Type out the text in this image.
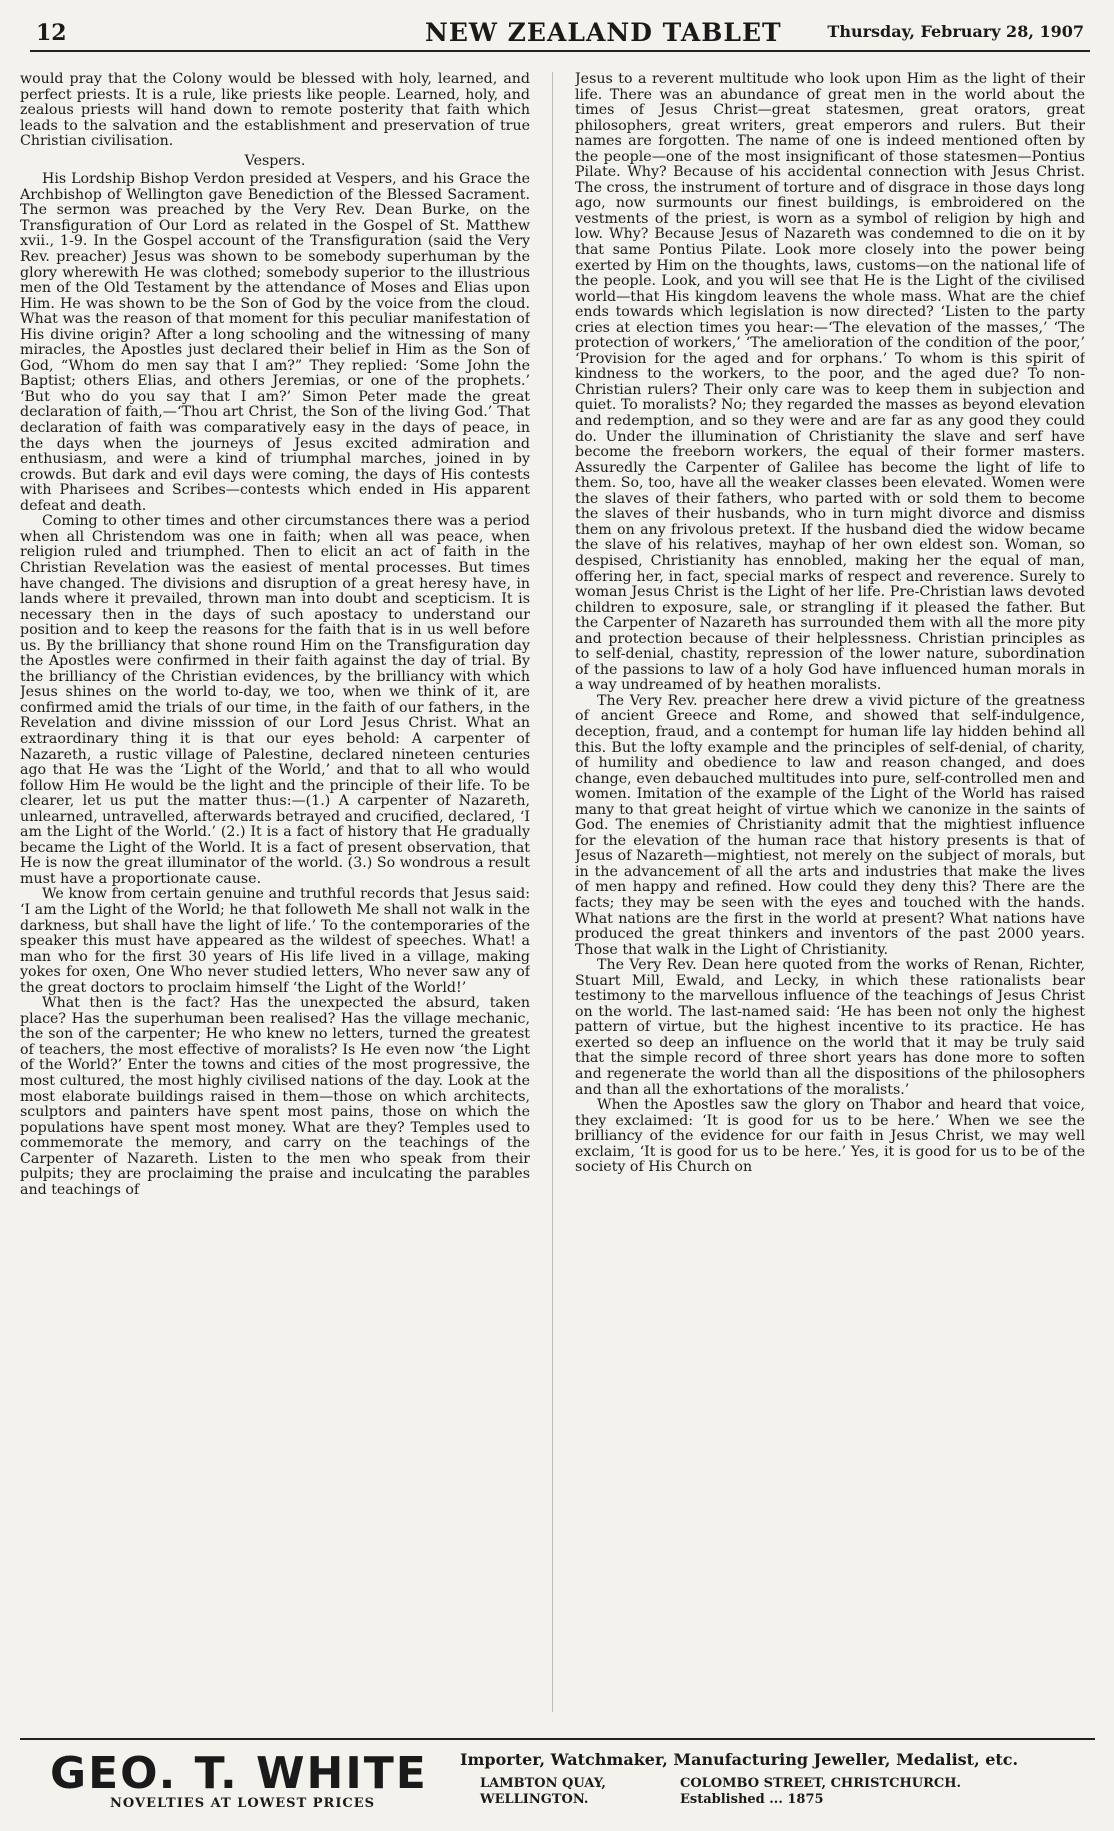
12	NEW ZEALAND TABLET	Thursday, February 28, 1907

would pray that the Colony would be blessed with holy, learned, and perfect priests. It is a rule, like priests like people. Learned, holy, and zealous priests will hand down to remote posterity that faith which leads to the salvation and the establishment and preservation of true Christian civilisation.

Vespers.

His Lordship Bishop Verdon presided at Vespers, and his Grace the Archbishop of Wellington gave Benediction of the Blessed Sacrament. The sermon was preached by the Very Rev. Dean Burke, on the Transfiguration of Our Lord as related in the Gospel of St. Matthew xvii., 1-9. In the Gospel account of the Transfiguration (said the Very Rev. preacher) Jesus was shown to be somebody superhuman by the glory wherewith He was clothed; somebody superior to the illustrious men of the Old Testament by the attendance of Moses and Elias upon Him. He was shown to be the Son of God by the voice from the cloud. What was the reason of that moment for this peculiar manifestation of His divine origin? After a long schooling and the witnessing of many miracles, the Apostles just declared their belief in Him as the Son of God, “Whom do men say that I am?” They replied: ‘Some John the Baptist; others Elias, and others Jeremias, or one of the prophets.’ ‘But who do you say that I am?’ Simon Peter made the great declaration of faith,—‘Thou art Christ, the Son of the living God.’ That declaration of faith was comparatively easy in the days of peace, in the days when the journeys of Jesus excited admiration and enthusiasm, and were a kind of triumphal marches, joined in by crowds. But dark and evil days were coming, the days of His contests with Pharisees and Scribes—contests which ended in His apparent defeat and death.

Coming to other times and other circumstances there was a period when all Christendom was one in faith; when all was peace, when religion ruled and triumphed. Then to elicit an act of faith in the Christian Revelation was the easiest of mental processes. But times have changed. The divisions and disruption of a great heresy have, in lands where it prevailed, thrown man into doubt and scepticism. It is necessary then in the days of such apostacy to understand our position and to keep the reasons for the faith that is in us well before us. By the brilliancy that shone round Him on the Transfiguration day the Apostles were confirmed in their faith against the day of trial. By the brilliancy of the Christian evidences, by the brilliancy with which Jesus shines on the world to-day, we too, when we think of it, are confirmed amid the trials of our time, in the faith of our fathers, in the Revelation and divine misssion of our Lord Jesus Christ. What an extraordinary thing it is that our eyes behold: A carpenter of Nazareth, a rustic village of Palestine, declared nineteen centuries ago that He was the ‘Light of the World,’ and that to all who would follow Him He would be the light and the principle of their life. To be clearer, let us put the matter thus:—(1.) A carpenter of Nazareth, unlearned, untravelled, afterwards betrayed and crucified, declared, ‘I am the Light of the World.’ (2.) It is a fact of history that He gradually became the Light of the World. It is a fact of present observation, that He is now the great illuminator of the world. (3.) So wondrous a result must have a proportionate cause.

We know from certain genuine and truthful records that Jesus said: ‘I am the Light of the World; he that followeth Me shall not walk in the darkness, but shall have the light of life.’ To the contemporaries of the speaker this must have appeared as the wildest of speeches. What! a man who for the first 30 years of His life lived in a village, making yokes for oxen, One Who never studied letters, Who never saw any of the great doctors to proclaim himself ‘the Light of the World!’

What then is the fact? Has the unexpected the absurd, taken place? Has the superhuman been realised? Has the village mechanic, the son of the carpenter; He who knew no letters, turned the greatest of teachers, the most effective of moralists? Is He even now ‘the Light of the World?’ Enter the towns and cities of the most progressive, the most cultured, the most highly civilised nations of the day. Look at the most elaborate buildings raised in them—those on which architects, sculptors and painters have spent most pains, those on which the populations have spent most money. What are they? Temples used to commemorate the memory, and carry on the teachings of the Carpenter of Nazareth. Listen to the men who speak from their pulpits; they are proclaiming the praise and inculcating the parables and teachings of

Jesus to a reverent multitude who look upon Him as the light of their life. There was an abundance of great men in the world about the times of Jesus Christ—great statesmen, great orators, great philosophers, great writers, great emperors and rulers. But their names are forgotten. The name of one is indeed mentioned often by the people—one of the most insignificant of those statesmen—Pontius Pilate. Why? Because of his accidental connection with Jesus Christ. The cross, the instrument of torture and of disgrace in those days long ago, now surmounts our finest buildings, is embroidered on the vestments of the priest, is worn as a symbol of religion by high and low. Why? Because Jesus of Nazareth was condemned to die on it by that same Pontius Pilate. Look more closely into the power being exerted by Him on the thoughts, laws, customs—on the national life of the people. Look, and you will see that He is the Light of the civilised world—that His kingdom leavens the whole mass. What are the chief ends towards which legislation is now directed? ‘Listen to the party cries at election times you hear:—‘The elevation of the masses,’ ‘The protection of workers,’ ‘The amelioration of the condition of the poor,’ ‘Provision for the aged and for orphans.’ To whom is this spirit of kindness to the workers, to the poor, and the aged due? To non-Christian rulers? Their only care was to keep them in subjection and quiet. To moralists? No; they regarded the masses as beyond elevation and redemption, and so they were and are far as any good they could do. Under the illumination of Christianity the slave and serf have become the freeborn workers, the equal of their former masters. Assuredly the Carpenter of Galilee has become the light of life to them. So, too, have all the weaker classes been elevated. Women were the slaves of their fathers, who parted with or sold them to become the slaves of their husbands, who in turn might divorce and dismiss them on any frivolous pretext. If the husband died the widow became the slave of his relatives, mayhap of her own eldest son. Woman, so despised, Christianity has ennobled, making her the equal of man, offering her, in fact, special marks of respect and reverence. Surely to woman Jesus Christ is the Light of her life. Pre-Christian laws devoted children to exposure, sale, or strangling if it pleased the father. But the Carpenter of Nazareth has surrounded them with all the more pity and protection because of their helplessness. Christian principles as to self-denial, chastity, repression of the lower nature, subordination of the passions to law of a holy God have influenced human morals in a way undreamed of by heathen moralists.

The Very Rev. preacher here drew a vivid picture of the greatness of ancient Greece and Rome, and showed that self-indulgence, deception, fraud, and a contempt for human life lay hidden behind all this. But the lofty example and the principles of self-denial, of charity, of humility and obedience to law and reason changed, and does change, even debauched multitudes into pure, self-controlled men and women. Imitation of the example of the Light of the World has raised many to that great height of virtue which we canonize in the saints of God. The enemies of Christianity admit that the mightiest influence for the elevation of the human race that history presents is that of Jesus of Nazareth—mightiest, not merely on the subject of morals, but in the advancement of all the arts and industries that make the lives of men happy and refined. How could they deny this? There are the facts; they may be seen with the eyes and touched with the hands. What nations are the first in the world at present? What nations have produced the great thinkers and inventors of the past 2000 years. Those that walk in the Light of Christianity.

The Very Rev. Dean here quoted from the works of Renan, Richter, Stuart Mill, Ewald, and Lecky, in which these rationalists bear testimony to the marvellous influence of the teachings of Jesus Christ on the world. The last-named said: ‘He has been not only the highest pattern of virtue, but the highest incentive to its practice. He has exerted so deep an influence on the world that it may be truly said that the simple record of three short years has done more to soften and regenerate the world than all the dispositions of the philosophers and than all the exhortations of the moralists.’

When the Apostles saw the glory on Thabor and heard that voice, they exclaimed: ‘It is good for us to be here.’ When we see the brilliancy of the evidence for our faith in Jesus Christ, we may well exclaim, ‘It is good for us to be here.’ Yes, it is good for us to be of the society of His Church on

GEO. T. WHITE
NOVELTIES AT LOWEST PRICES
Importer, Watchmaker, Manufacturing Jeweller, Medalist, etc.
LAMBTON QUAY,
WELLINGTON.
COLOMBO STREET, CHRISTCHURCH.
Established ... 1875
